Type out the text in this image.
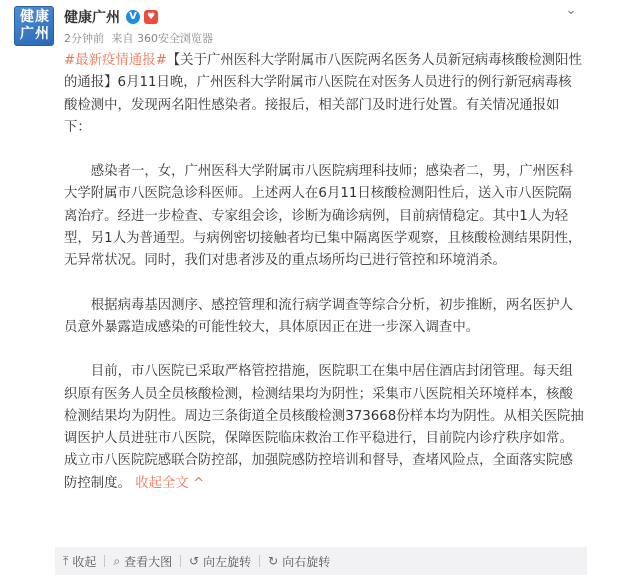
健康
广州
健康广州 V	♥
2分钟前 来自 360安全浏览器
⌄

#最新疫情通报#【关于广州医科大学附属市八医院两名医务人员新冠病毒核酸检测阳性的通报】6月11日晚，广州医科大学附属市八医院在对医务人员进行的例行新冠病毒核酸检测中，发现两名阳性感染者。接报后，相关部门及时进行处置。有关情况通报如下：

感染者一，女，广州医科大学附属市八医院病理科技师；感染者二，男，广州医科大学附属市八医院急诊科医师。上述两人在6月11日核酸检测阳性后，送入市八医院隔离治疗。经进一步检查、专家组会诊，诊断为确诊病例，目前病情稳定。其中1人为轻型，另1人为普通型。与病例密切接触者均已集中隔离医学观察，且核酸检测结果阴性，无异常状况。同时，我们对患者涉及的重点场所均已进行管控和环境消杀。

根据病毒基因测序、感控管理和流行病学调查等综合分析，初步推断，两名医护人员意外暴露造成感染的可能性较大，具体原因正在进一步深入调查中。

目前，市八医院已采取严格管控措施，医院职工在集中居住酒店封闭管理。每天组织原有医务人员全员核酸检测，检测结果均为阴性；采集市八医院相关环境样本，核酸检测结果均为阴性。周边三条街道全员核酸检测373668份样本均为阴性。从相关医院抽调医护人员进驻市八医院，保障医院临床救治工作平稳进行，目前院内诊疗秩序如常。成立市八医院院感联合防控部，加强院感防控培训和督导，查堵风险点，全面落实院感防控制度。 收起全文 ^

⤒ 收起 ⌕ 查看大图 ↺ 向左旋转 ↻ 向右旋转
